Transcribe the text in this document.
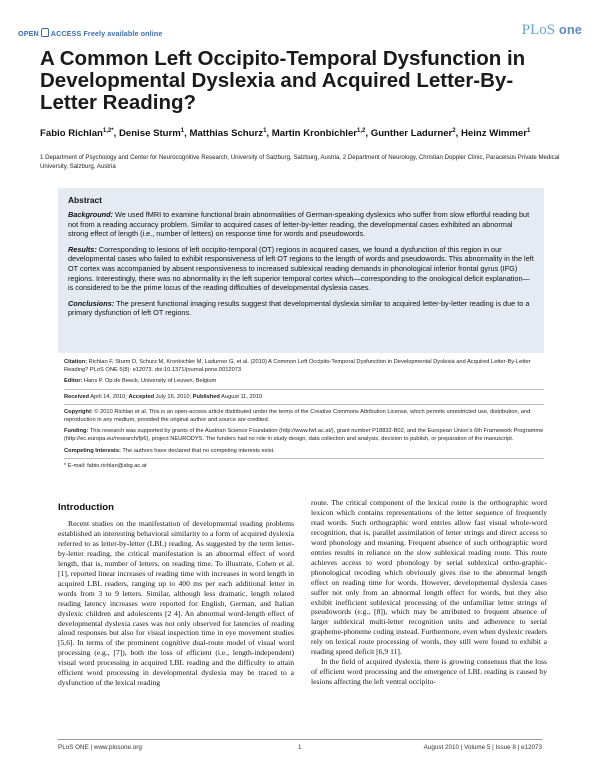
OPEN ACCESS Freely available online	PLoS one
A Common Left Occipito-Temporal Dysfunction in Developmental Dyslexia and Acquired Letter-By-Letter Reading?
Fabio Richlan$^{1,2*}$, Denise Sturm$^1$, Matthias Schurz$^1$, Martin Kronbichler$^{1,2}$, Gunther Ladurner$^2$, Heinz Wimmer$^1$
1 Department of Psychology and Center for Neurocognitive Research, University of Salzburg, Salzburg, Austria, 2 Department of Neurology, Christian Doppler Clinic, Paracelsus Private Medical University, Salzburg, Austria
Abstract

Background: We used fMRI to examine functional brain abnormalities of German-speaking dyslexics who suffer from slow effortful reading but not from a reading accuracy problem. Similar to acquired cases of letter-by-letter reading, the developmental cases exhibited an abnormal strong effect of length (i.e., number of letters) on response time for words and pseudowords.

Results: Corresponding to lesions of left occipito-temporal (OT) regions in acquired cases, we found a dysfunction of this region in our developmental cases who failed to exhibit responsiveness of left OT regions to the length of words and pseudowords. This abnormality in the left OT cortex was accompanied by absent responsiveness to increased sublexical reading demands in phonological inferior frontal gyrus (IFG) regions. Interestingly, there was no abnormality in the left superior temporal cortex which—corresponding to the onological deficit explanation—is considered to be the prime locus of the reading difficulties of developmental dyslexia cases.

Conclusions: The present functional imaging results suggest that developmental dyslexia similar to acquired letter-by-letter reading is due to a primary dysfunction of left OT regions.

Citation: Richlan F, Sturm D, Schurz M, Kronbichler M, Ladurner G, et al. (2010) A Common Left Occipito-Temporal Dysfunction in Developmental Dyslexia and Acquired Letter-By-Letter Reading? PLoS ONE 5(8): e12073. doi:10.1371/journal.pone.0012073
Editor: Hans P. Op de Beeck, University of Leuven, Belgium
Received April 14, 2010; Accepted July 16, 2010; Published August 11, 2010
Copyright: © 2010 Richlan et al. This is an open-access article distributed under the terms of the Creative Commons Attribution License, which permits unrestricted use, distribution, and reproduction in any medium, provided the original author and source are credited.
Funding: This research was supported by grants of the Austrian Science Foundation (http://www.fwf.ac.at/), grant number P18832-B02, and the European Union's 6th Framework Programme (http://ec.europa.eu/research/fp6), project NEURODYS. The funders had no role in study design, data collection and analysis, decision to publish, or preparation of the manuscript.
Competing Interests: The authors have declared that no competing interests exist.
* E-mail: fabio.richlan@sbg.ac.at
Introduction

Recent studies on the manifestation of developmental reading problems established an interesting behavioral similarity to a form of acquired dyslexia referred to as letter-by-letter (LBL) reading. As suggested by the term letter-by-letter reading, the critical manifestation is an abnormal effect of word length, that is, number of letters, on reading time. To illustrate, Cohen et al. [1], reported linear increases of reading time with increases in word length in acquired LBL readers, ranging up to 400 ms per each additional letter in words from 3 to 9 letters. Similar, although less dramatic, length related reading latency increases were reported for English, German, and Italian dyslexic children and adolescents [2 4]. An abnormal word-length effect of developmental dyslexia cases was not only observed for latencies of reading aloud responses but also for visual inspection time in eye movement studies [5,6]. In terms of the prominent cognitive dual-route model of visual word processing (e.g., [7]), both the loss of efficient (i.e., length-independent) visual word processing in acquired LBL reading and the difficulty to attain efficient word processing in developmental dyslexia may be traced to a dysfunction of the lexical reading

route. The critical component of the lexical route is the orthographic word lexicon which contains representations of the letter sequence of frequently read words. Such orthographic word entries allow fast visual whole-word recognition, that is, parallel assimilation of letter strings and direct access to word phonology and meaning. Frequent absence of such orthographic word entries results in reliance on the slow sublexical reading route. This route achieves access to word phonology by serial sublexical ortho-graphic-phonological recoding which obviously gives rise to the abnormal length effect on reading time for words. However, developmental dyslexia cases suffer not only from an abnormal length effect for words, but they also exhibit inefficient sublexical processing of the unfamiliar letter strings of pseudowords (e.g., [8]), which may be attributed to frequent absence of larger sublexical multi-letter recognition units and adherence to serial grapheme-phoneme coding instead. Furthermore, even when dyslexic readers rely on lexical route processing of words, they still were found to exhibit a reading speed deficit [6,9 11].

In the field of acquired dyslexia, there is growing consensus that the loss of efficient word processing and the emergence of LBL reading is caused by lesions affecting the left ventral occipito-

PLoS ONE | www.plosone.org	1	August 2010 | Volume 5 | Issue 8 | e12073
